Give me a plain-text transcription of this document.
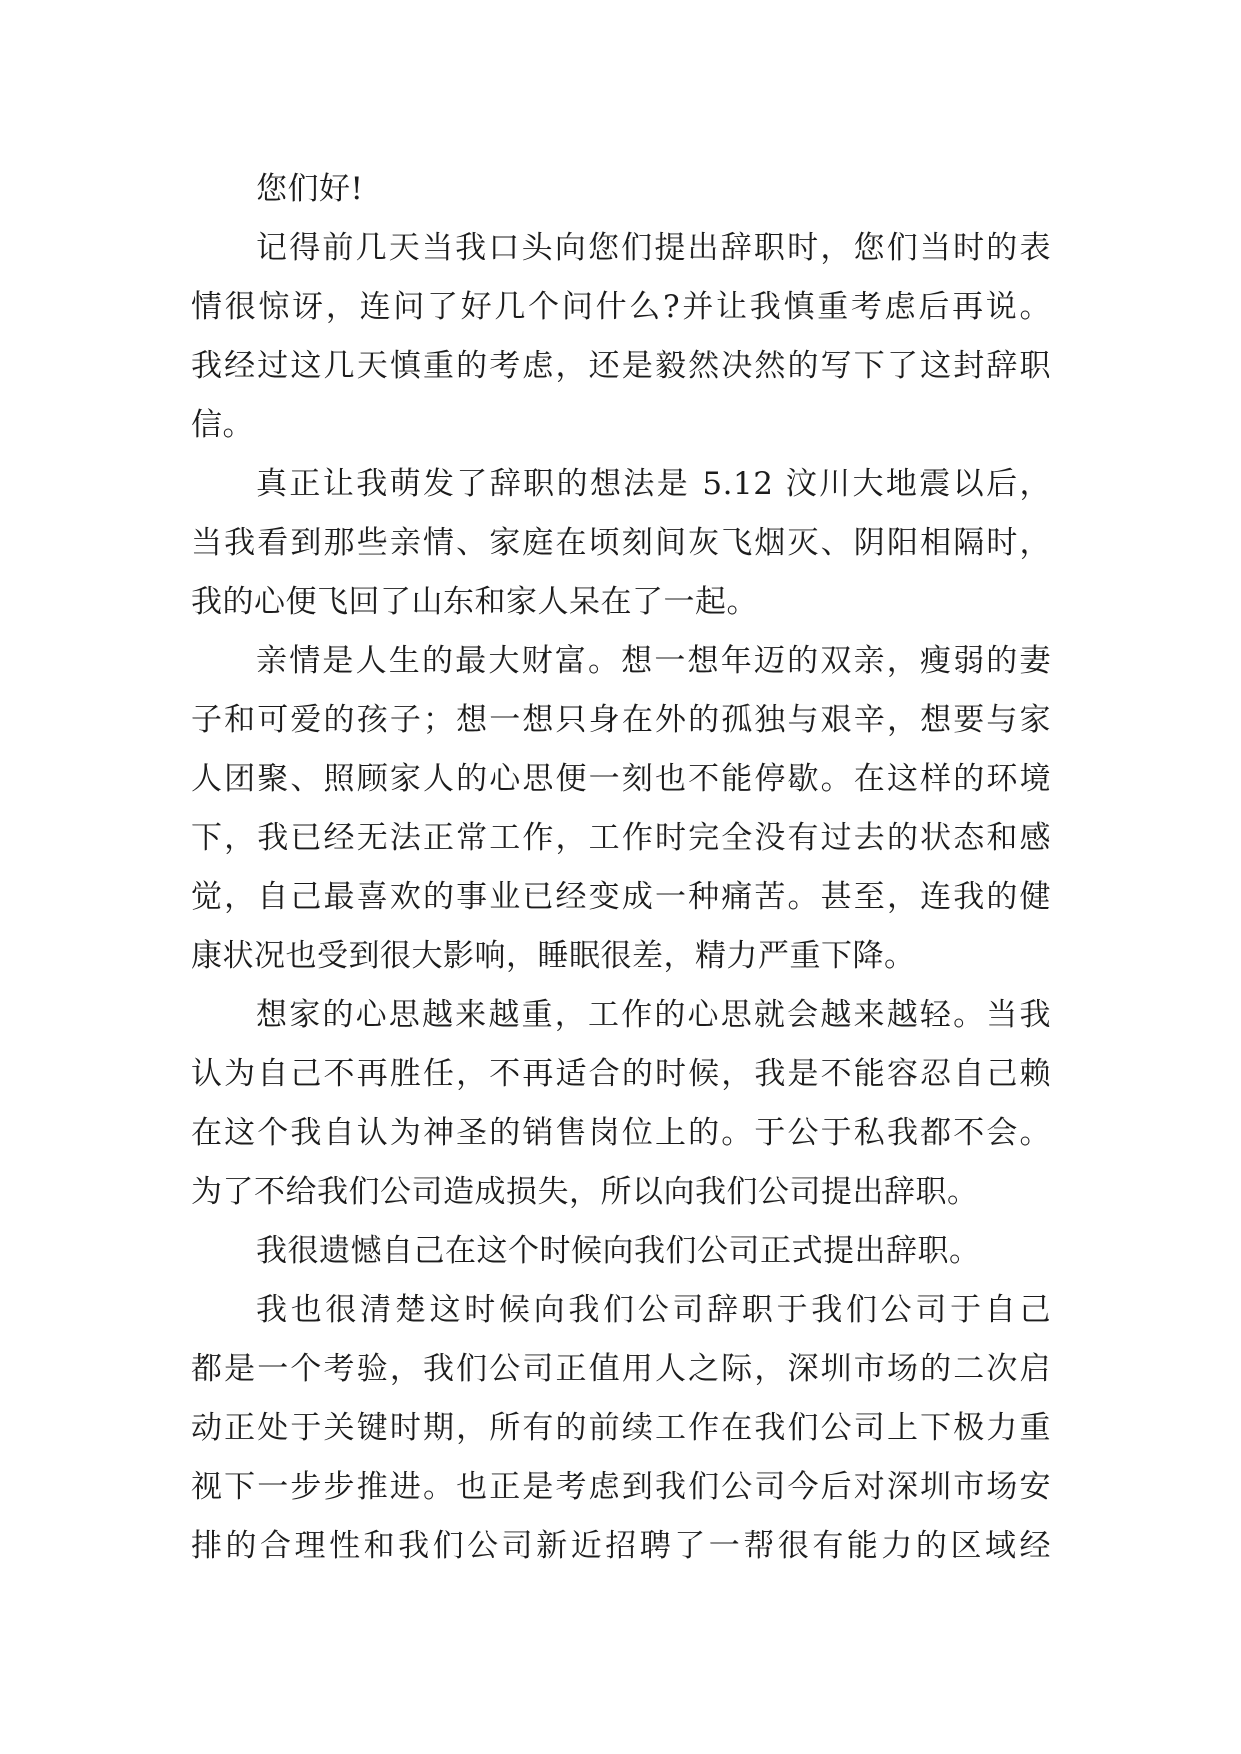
您们好!
记得前几天当我口头向您们提出辞职时，您们当时的表
情很惊讶，连问了好几个问什么?并让我慎重考虑后再说。
我经过这几天慎重的考虑，还是毅然决然的写下了这封辞职
信。
真正让我萌发了辞职的想法是 5.12 汶川大地震以后，
当我看到那些亲情、家庭在顷刻间灰飞烟灭、阴阳相隔时，
我的心便飞回了山东和家人呆在了一起。
亲情是人生的最大财富。想一想年迈的双亲，瘦弱的妻
子和可爱的孩子；想一想只身在外的孤独与艰辛，想要与家
人团聚、照顾家人的心思便一刻也不能停歇。在这样的环境
下，我已经无法正常工作，工作时完全没有过去的状态和感
觉，自己最喜欢的事业已经变成一种痛苦。甚至，连我的健
康状况也受到很大影响，睡眠很差，精力严重下降。
想家的心思越来越重，工作的心思就会越来越轻。当我
认为自己不再胜任，不再适合的时候，我是不能容忍自己赖
在这个我自认为神圣的销售岗位上的。于公于私我都不会。
为了不给我们公司造成损失，所以向我们公司提出辞职。
我很遗憾自己在这个时候向我们公司正式提出辞职。
我也很清楚这时候向我们公司辞职于我们公司于自己
都是一个考验，我们公司正值用人之际，深圳市场的二次启
动正处于关键时期，所有的前续工作在我们公司上下极力重
视下一步步推进。也正是考虑到我们公司今后对深圳市场安
排的合理性和我们公司新近招聘了一帮很有能力的区域经
